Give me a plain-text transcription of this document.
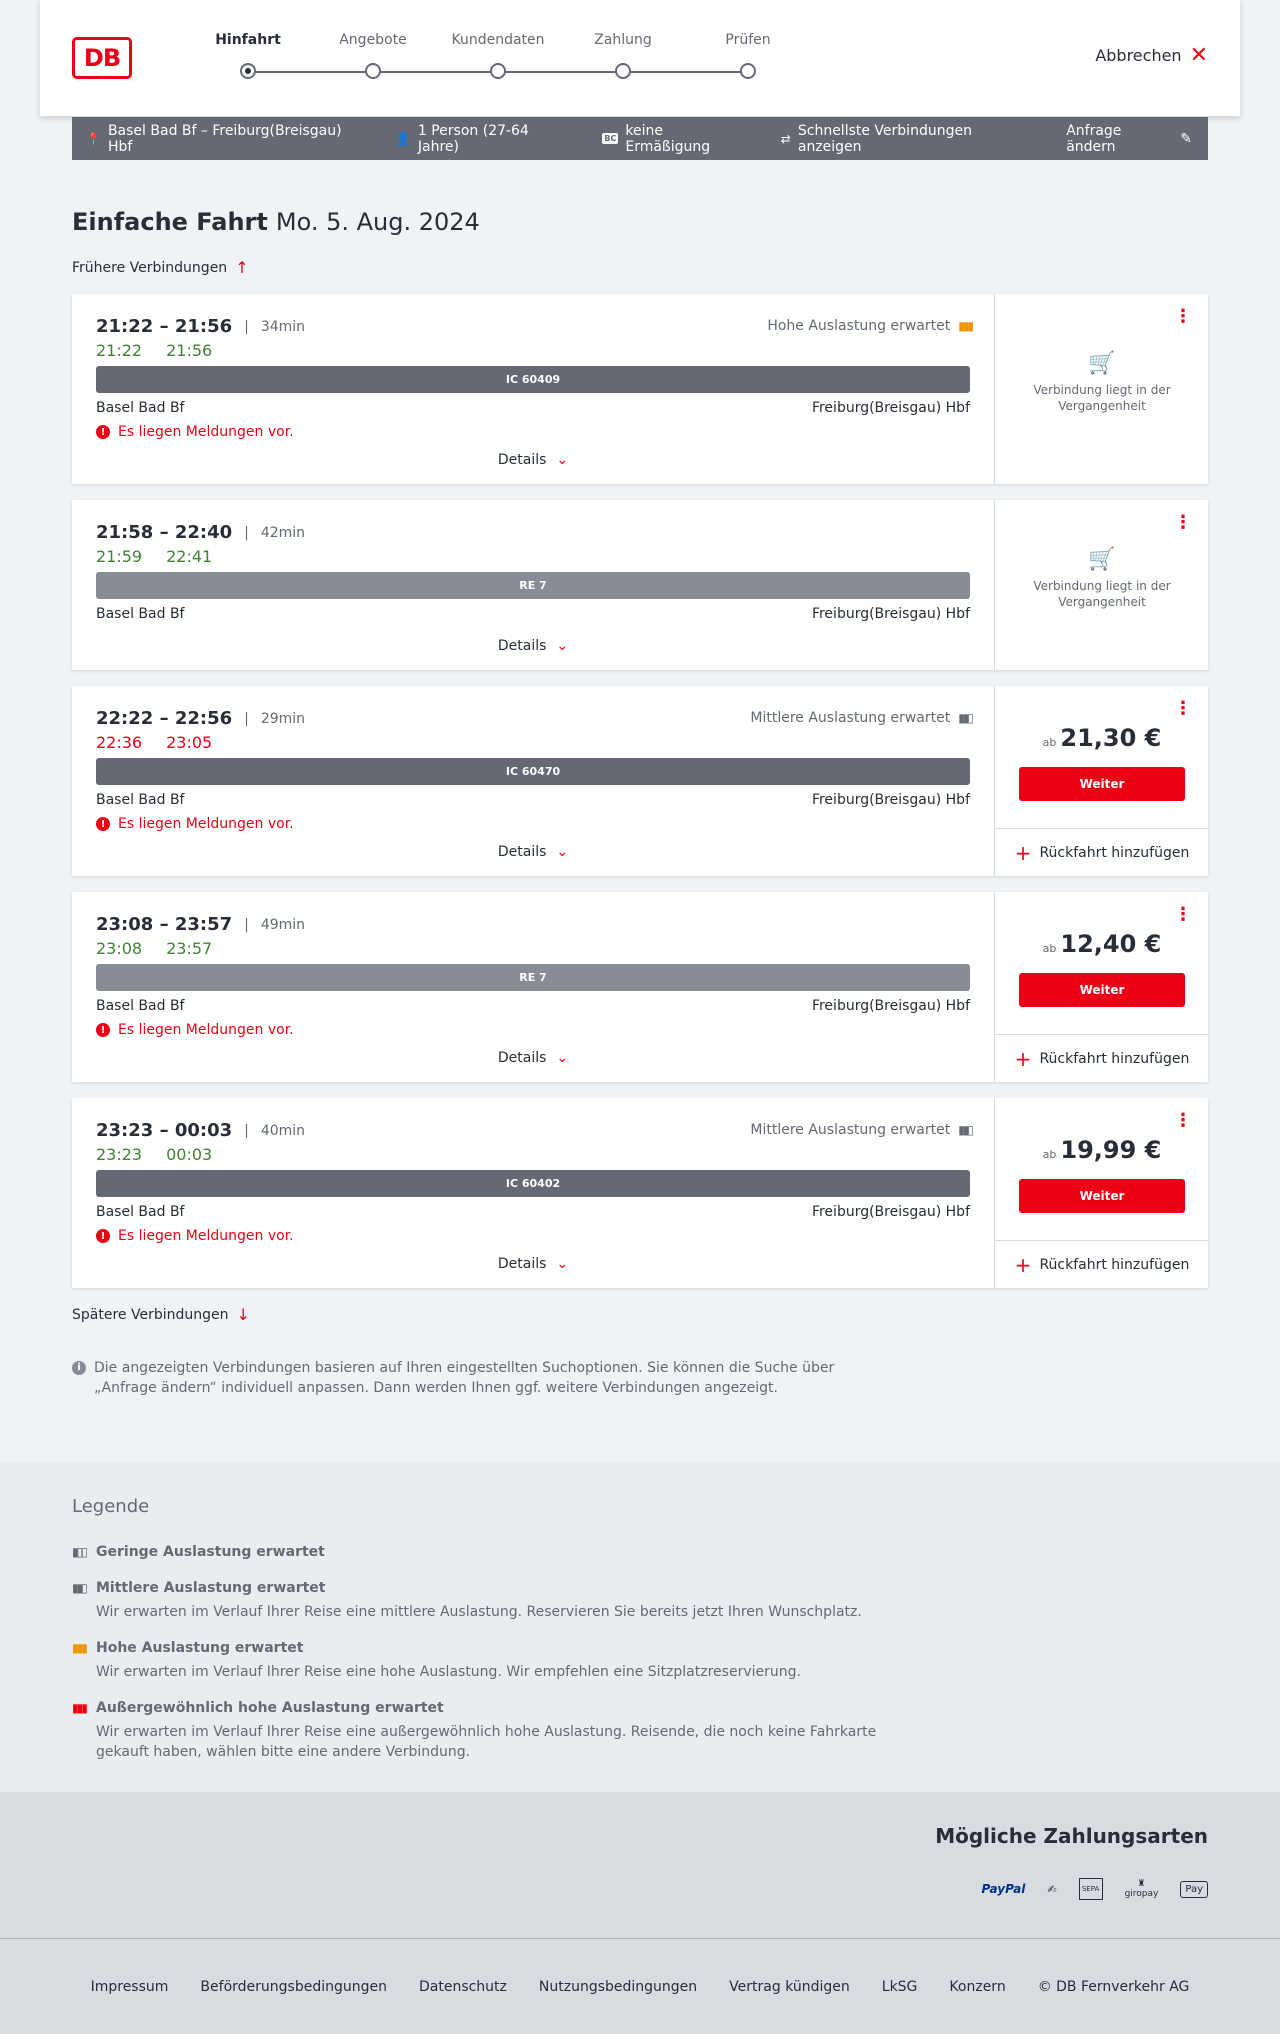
DB
Hinfahrt	Angebote	Kundendaten	Zahlung	Prüfen
Abbrechen ✕
📍 Basel Bad Bf – Freiburg(Breisgau) Hbf	👤 1 Person (27-64 Jahre)	BC keine Ermäßigung	⇄ Schnellste Verbindungen anzeigen
Anfrage ändern	✎
Einfache Fahrt Mo. 5. Aug. 2024
Frühere Verbindungen ↑
21:22 – 21:56 | 34min
21:22 21:56
Hohe Auslastung erwartet ▮▮▮
IC 60409
Basel Bad Bf	Freiburg(Breisgau) Hbf
! Es liegen Meldungen vor.
Details ⌄
⋮
🛒
Verbindung liegt in der Vergangenheit
21:58 – 22:40 | 42min
21:59 22:41
RE 7
Basel Bad Bf	Freiburg(Breisgau) Hbf
Details ⌄
⋮
🛒
Verbindung liegt in der Vergangenheit
22:22 – 22:56 | 29min
22:36 23:05
Mittlere Auslastung erwartet ▮▮▯
IC 60470
Basel Bad Bf	Freiburg(Breisgau) Hbf
! Es liegen Meldungen vor.
Details ⌄
⋮
ab 21,30 €
Weiter
+ Rückfahrt hinzufügen
23:08 – 23:57 | 49min
23:08 23:57
RE 7
Basel Bad Bf	Freiburg(Breisgau) Hbf
! Es liegen Meldungen vor.
Details ⌄
⋮
ab 12,40 €
Weiter
+ Rückfahrt hinzufügen
23:23 – 00:03 | 40min
23:23 00:03
Mittlere Auslastung erwartet ▮▮▯
IC 60402
Basel Bad Bf	Freiburg(Breisgau) Hbf
! Es liegen Meldungen vor.
Details ⌄
⋮
ab 19,99 €
Weiter
+ Rückfahrt hinzufügen
Spätere Verbindungen ↓
i Die angezeigten Verbindungen basieren auf Ihren eingestellten Suchoptionen. Sie können die Suche über „Anfrage ändern“ individuell anpassen. Dann werden Ihnen ggf. weitere Verbindungen angezeigt.
Legende
▮▯▯ Geringe Auslastung erwartet
▮▮▯ Mittlere Auslastung erwartet
Wir erwarten im Verlauf Ihrer Reise eine mittlere Auslastung. Reservieren Sie bereits jetzt Ihren Wunschplatz.
▮▮▮ Hohe Auslastung erwartet
Wir erwarten im Verlauf Ihrer Reise eine hohe Auslastung. Wir empfehlen eine Sitzplatzreservierung.
▮▮▮ Außergewöhnlich hohe Auslastung erwartet
Wir erwarten im Verlauf Ihrer Reise eine außergewöhnlich hohe Auslastung. Reisende, die noch keine Fahrkarte gekauft haben, wählen bitte eine andere Verbindung.
Mögliche Zahlungsarten
PayPal ✍	SEPA	♜
giropay	Pay
Impressum Beförderungsbedingungen Datenschutz Nutzungsbedingungen Vertrag kündigen LkSG Konzern © DB Fernverkehr AG
